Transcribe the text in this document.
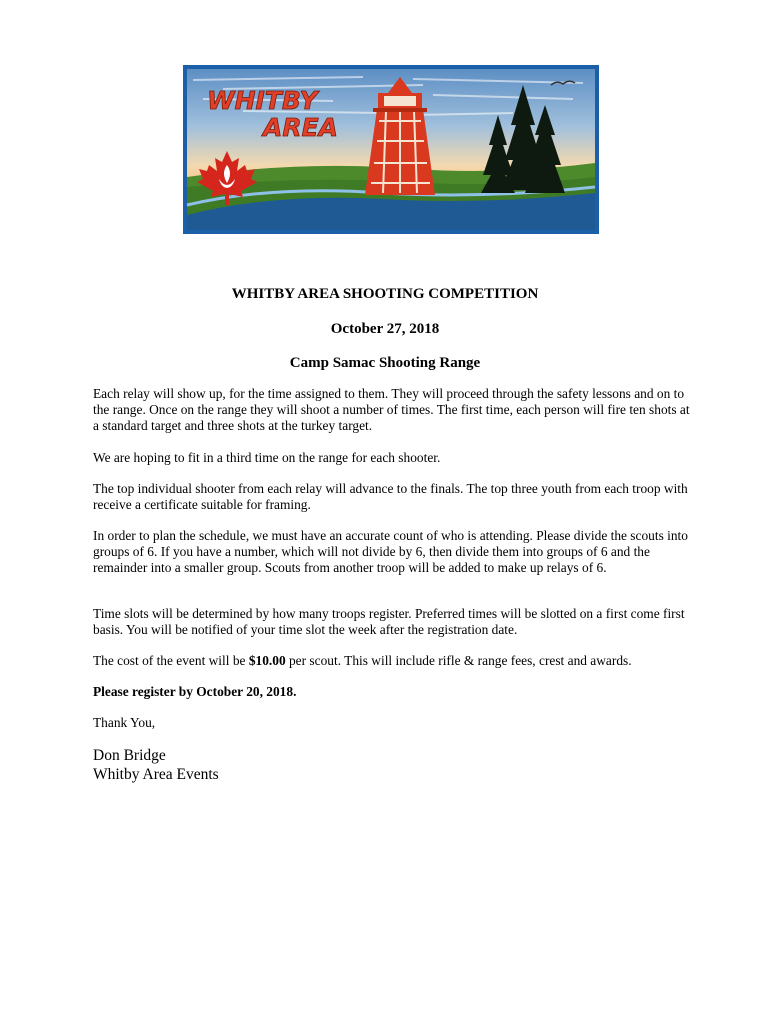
WHITBY
AREA
WHITBY AREA SHOOTING COMPETITION
October 27, 2018
Camp Samac Shooting Range

Each relay will show up, for the time assigned to them. They will proceed through the safety lessons and on to the range. Once on the range they will shoot a number of times. The first time, each person will fire ten shots at a standard target and three shots at the turkey target.

We are hoping to fit in a third time on the range for each shooter.

The top individual shooter from each relay will advance to the finals. The top three youth from each troop with receive a certificate suitable for framing.

In order to plan the schedule, we must have an accurate count of who is attending. Please divide the scouts into groups of 6. If you have a number, which will not divide by 6, then divide them into groups of 6 and the remainder into a smaller group. Scouts from another troop will be added to make up relays of 6.

Time slots will be determined by how many troops register. Preferred times will be slotted on a first come first basis. You will be notified of your time slot the week after the registration date.

The cost of the event will be $10.00 per scout. This will include rifle & range fees, crest and awards.

Please register by October 20, 2018.

Thank You,

Don Bridge
Whitby Area Events
